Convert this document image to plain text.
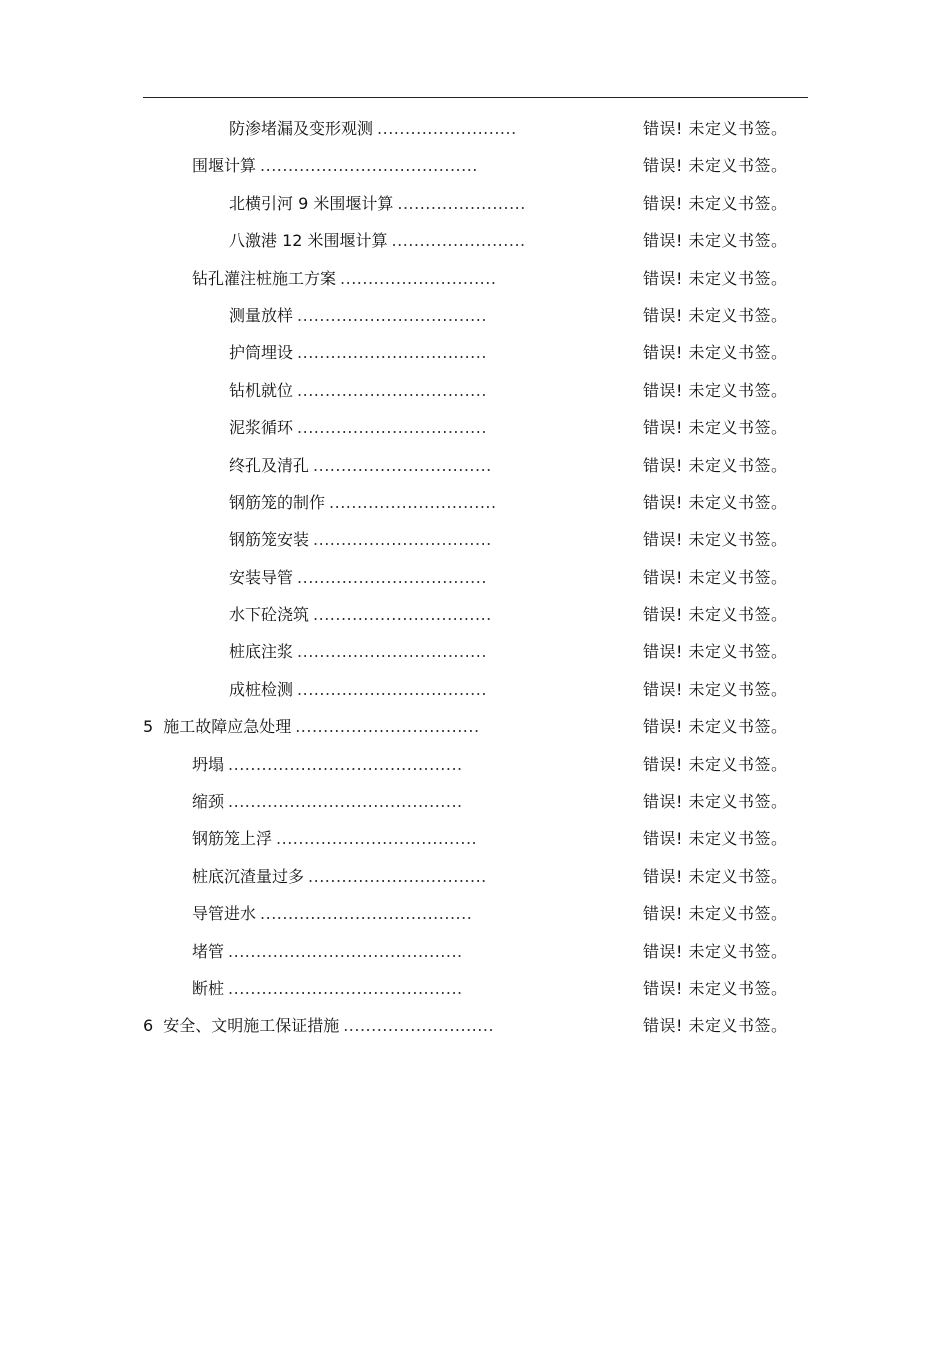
防渗堵漏及变形观测 .........................	错误! 未定义书签。
围堰计算 .......................................	错误! 未定义书签。
北横引河 9 米围堰计算 .......................	错误! 未定义书签。
八激港 12 米围堰计算 ........................	错误! 未定义书签。
钻孔灌注桩施工方案 ............................	错误! 未定义书签。
测量放样 ..................................	错误! 未定义书签。
护筒埋设 ..................................	错误! 未定义书签。
钻机就位 ..................................	错误! 未定义书签。
泥浆循环 ..................................	错误! 未定义书签。
终孔及清孔 ................................	错误! 未定义书签。
钢筋笼的制作 ..............................	错误! 未定义书签。
钢筋笼安装 ................................	错误! 未定义书签。
安装导管 ..................................	错误! 未定义书签。
水下砼浇筑 ................................	错误! 未定义书签。
桩底注浆 ..................................	错误! 未定义书签。
成桩检测 ..................................	错误! 未定义书签。
5 施工故障应急处理 .................................	错误! 未定义书签。
坍塌 ..........................................	错误! 未定义书签。
缩颈 ..........................................	错误! 未定义书签。
钢筋笼上浮 ....................................	错误! 未定义书签。
桩底沉渣量过多 ................................	错误! 未定义书签。
导管进水 ......................................	错误! 未定义书签。
堵管 ..........................................	错误! 未定义书签。
断桩 ..........................................	错误! 未定义书签。
6 安全、文明施工保证措施 ...........................	错误! 未定义书签。
